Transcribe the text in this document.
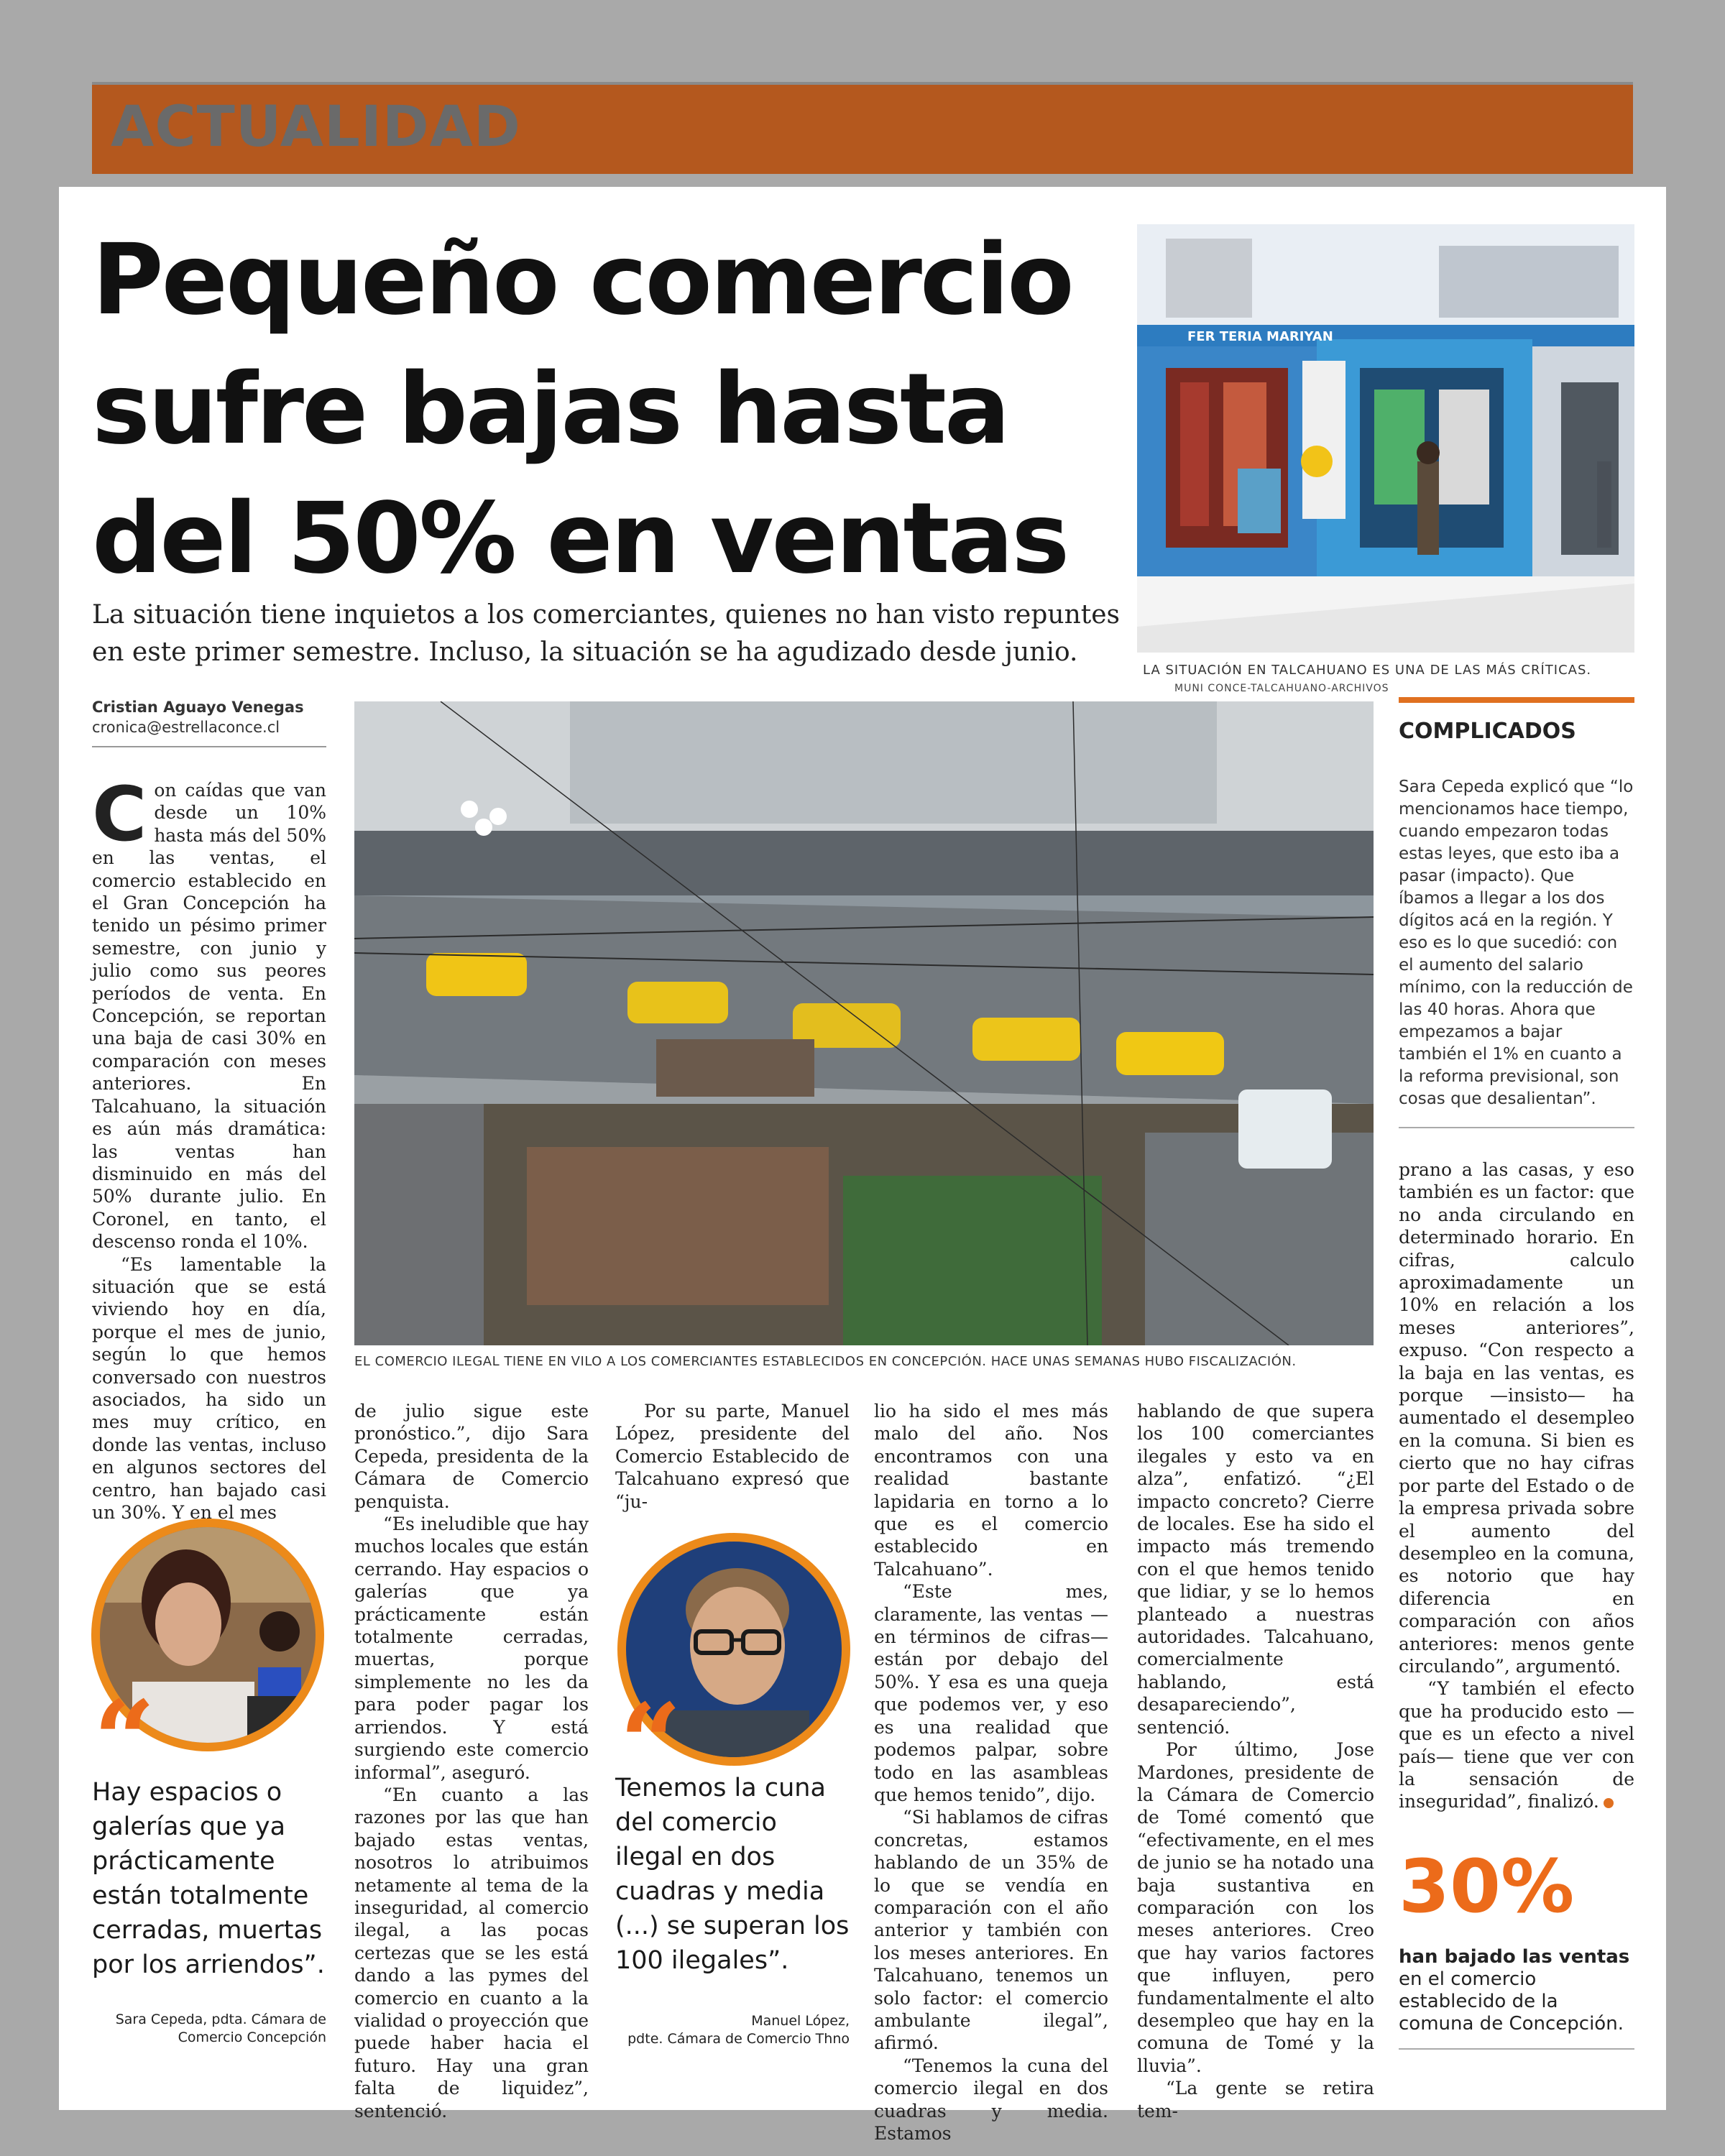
ACTUALIDAD
Pequeño comercio
sufre bajas hasta
del 50% en ventas
La situación tiene inquietos a los comerciantes, quienes no han visto repuntes en este primer semestre. Incluso, la situación se ha agudizado desde junio.
FER TERIA MARIYAN
LA SITUACIÓN EN TALCAHUANO ES UNA DE LAS MÁS CRÍTICAS.
MUNI CONCE-TALCAHUANO-ARCHIVOS
Cristian Aguayo Venegas
cronica@estrellaconce.cl
EL COMERCIO ILEGAL TIENE EN VILO A LOS COMERCIANTES ESTABLECIDOS EN CONCEPCIÓN. HACE UNAS SEMANAS HUBO FISCALIZACIÓN.

Con caídas que van desde un 10% hasta más del 50% en las ventas, el comercio establecido en el Gran Concepción ha tenido un pésimo primer semestre, con junio y julio como sus peores períodos de venta. En Concepción, se reportan una baja de casi 30% en comparación con meses anteriores. En Talcahuano, la situación es aún más dramática: las ventas han disminuido en más del 50% durante julio. En Coronel, en tanto, el descenso ronda el 10%.

“Es lamentable la situación que se está viviendo hoy en día, porque el mes de junio, según lo que hemos conversado con nuestros asociados, ha sido un mes muy crítico, en donde las ventas, incluso en algunos sectores del centro, han bajado casi un 30%. Y en el mes

de julio sigue este pronóstico.”, dijo Sara Cepeda, presidenta de la Cámara de Comercio penquista.

“Es ineludible que hay muchos locales que están cerrando. Hay espacios o galerías que ya prácticamente están totalmente cerradas, muertas, porque simplemente no les da para poder pagar los arriendos. Y está surgiendo este comercio informal”, aseguró.

“En cuanto a las razones por las que han bajado estas ventas, nosotros lo atribuimos netamente al tema de la inseguridad, al comercio ilegal, a las pocas certezas que se les está dando a las pymes del comercio en cuanto a la vialidad o proyección que puede haber hacia el futuro. Hay una gran falta de liquidez”, sentenció.

Por su parte, Manuel López, presidente del Comercio Establecido de Talcahuano expresó que “ju-

lio ha sido el mes más malo del año. Nos encontramos con una realidad bastante lapidaria en torno a lo que es el comercio establecido en Talcahuano”.

“Este mes, claramente, las ventas —en términos de cifras— están por debajo del 50%. Y esa es una queja que podemos ver, y eso es una realidad que podemos palpar, sobre todo en las asambleas que hemos tenido”, dijo.

“Si hablamos de cifras concretas, estamos hablando de un 35% de lo que se vendía en comparación con el año anterior y también con los meses anteriores. En Talcahuano, tenemos un solo factor: el comercio ambulante ilegal”, afirmó.

“Tenemos la cuna del comercio ilegal en dos cuadras y media. Estamos

hablando de que supera los 100 comerciantes ilegales y esto va en alza”, enfatizó. “¿El impacto concreto? Cierre de locales. Ese ha sido el impacto más tremendo con el que hemos tenido que lidiar, y se lo hemos planteado a nuestras autoridades. Talcahuano, comercialmente hablando, está desapareciendo”, sentenció.

Por último, Jose Mardones, presidente de la Cámara de Comercio de Tomé comentó que “efectivamente, en el mes de junio se ha notado una baja sustantiva en comparación con los meses anteriores. Creo que hay varios factores que influyen, pero fundamentalmente el alto desempleo que hay en la comuna de Tomé y la lluvia”.

“La gente se retira tem-

prano a las casas, y eso también es un factor: que no anda circulando en determinado horario. En cifras, calculo aproximadamente un 10% en relación a los meses anteriores”, expuso. “Con respecto a la baja en las ventas, es porque —insisto— ha aumentado el desempleo en la comuna. Si bien es cierto que no hay cifras por parte del Estado o de la empresa privada sobre el aumento del desempleo en la comuna, es notorio que hay diferencia en comparación con años anteriores: menos gente circulando”, argumentó.

“Y también el efecto que ha producido esto —que es un efecto a nivel país— tiene que ver con la sensación de inseguridad”, finalizó.

COMPLICADOS
Sara Cepeda explicó que “lo mencionamos hace tiempo, cuando empezaron todas estas leyes, que esto iba a pasar (impacto). Que íbamos a llegar a los dos dígitos acá en la región. Y eso es lo que sucedió: con el aumento del salario mínimo, con la reducción de las 40 horas. Ahora que empezamos a bajar también el 1% en cuanto a la reforma previsional, son cosas que desalientan”.
30%
han bajado las ventas en el comercio establecido de la comuna de Concepción.
“
Hay espacios o galerías que ya prácticamente están totalmente cerradas, muertas por los arriendos”.
Sara Cepeda, pdta. Cámara de
Comercio Concepción
“
Tenemos la cuna del comercio ilegal en dos cuadras y media (...) se superan los 100 ilegales”.
Manuel López,
pdte. Cámara de Comercio Thno
